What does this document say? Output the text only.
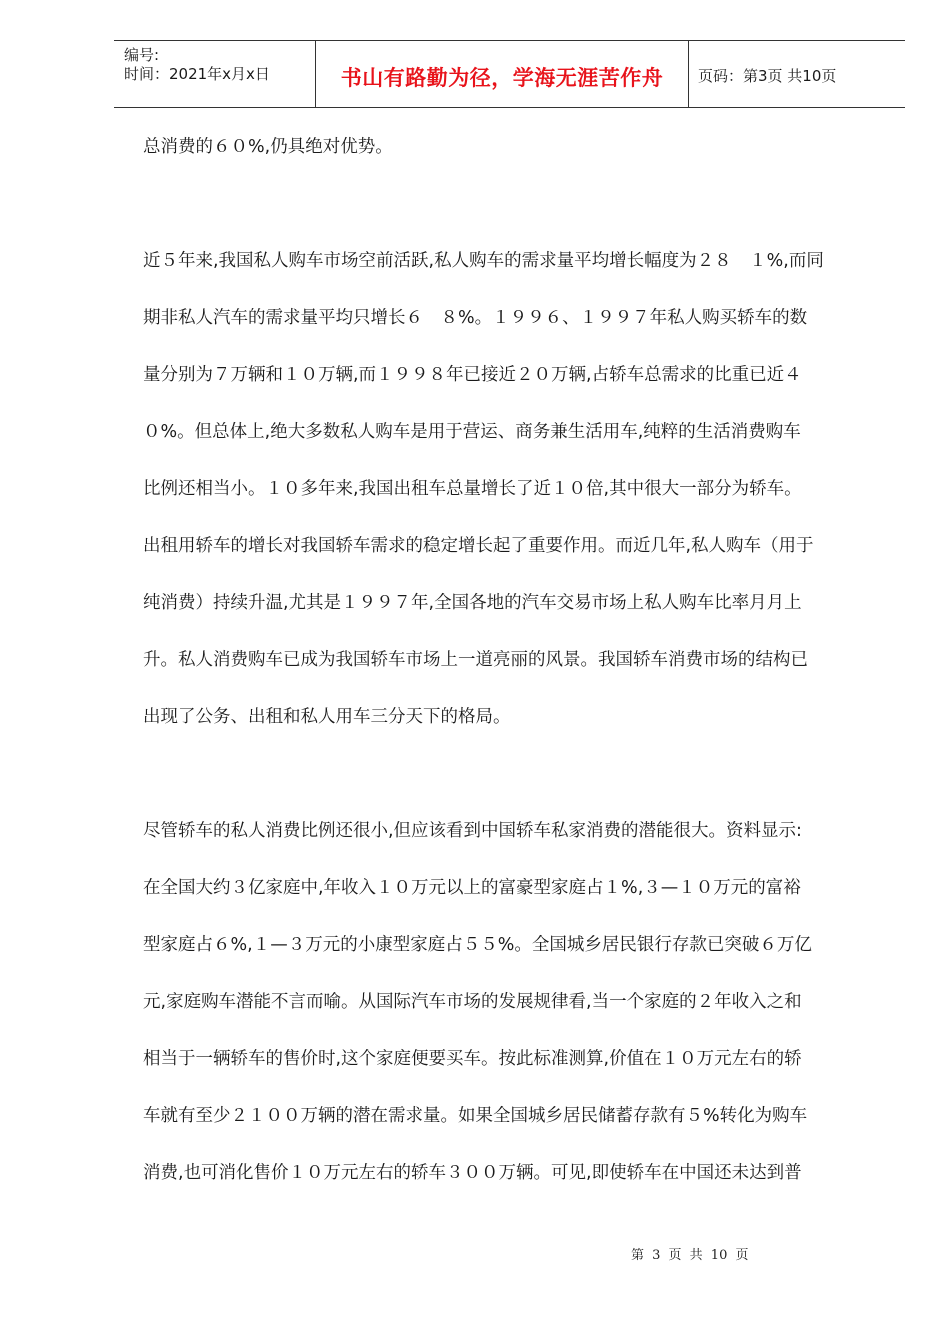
编号:
时间：2021年x月x日	书山有路勤为径，学海无涯苦作舟	页码：第3页 共10页
总消费的６０%,仍具绝对优势。
近５年来,我国私人购车市场空前活跃,私人购车的需求量平均增长幅度为２８　１%,而同
期非私人汽车的需求量平均只增长６　８%。１９９６、１９９７年私人购买轿车的数
量分别为７万辆和１０万辆,而１９９８年已接近２０万辆,占轿车总需求的比重已近４
０%。但总体上,绝大多数私人购车是用于营运、商务兼生活用车,纯粹的生活消费购车
比例还相当小。１０多年来,我国出租车总量增长了近１０倍,其中很大一部分为轿车。
出租用轿车的增长对我国轿车需求的稳定增长起了重要作用。而近几年,私人购车（用于
纯消费）持续升温,尤其是１９９７年,全国各地的汽车交易市场上私人购车比率月月上
升。私人消费购车已成为我国轿车市场上一道亮丽的风景。我国轿车消费市场的结构已
出现了公务、出租和私人用车三分天下的格局。
尽管轿车的私人消费比例还很小,但应该看到中国轿车私家消费的潜能很大。资料显示:
在全国大约３亿家庭中,年收入１０万元以上的富豪型家庭占１%,３—１０万元的富裕
型家庭占６%,１—３万元的小康型家庭占５５%。全国城乡居民银行存款已突破６万亿
元,家庭购车潜能不言而喻。从国际汽车市场的发展规律看,当一个家庭的２年收入之和
相当于一辆轿车的售价时,这个家庭便要买车。按此标准测算,价值在１０万元左右的轿
车就有至少２１００万辆的潜在需求量。如果全国城乡居民储蓄存款有５%转化为购车
消费,也可消化售价１０万元左右的轿车３００万辆。可见,即使轿车在中国还未达到普
第 3 页 共 10 页
